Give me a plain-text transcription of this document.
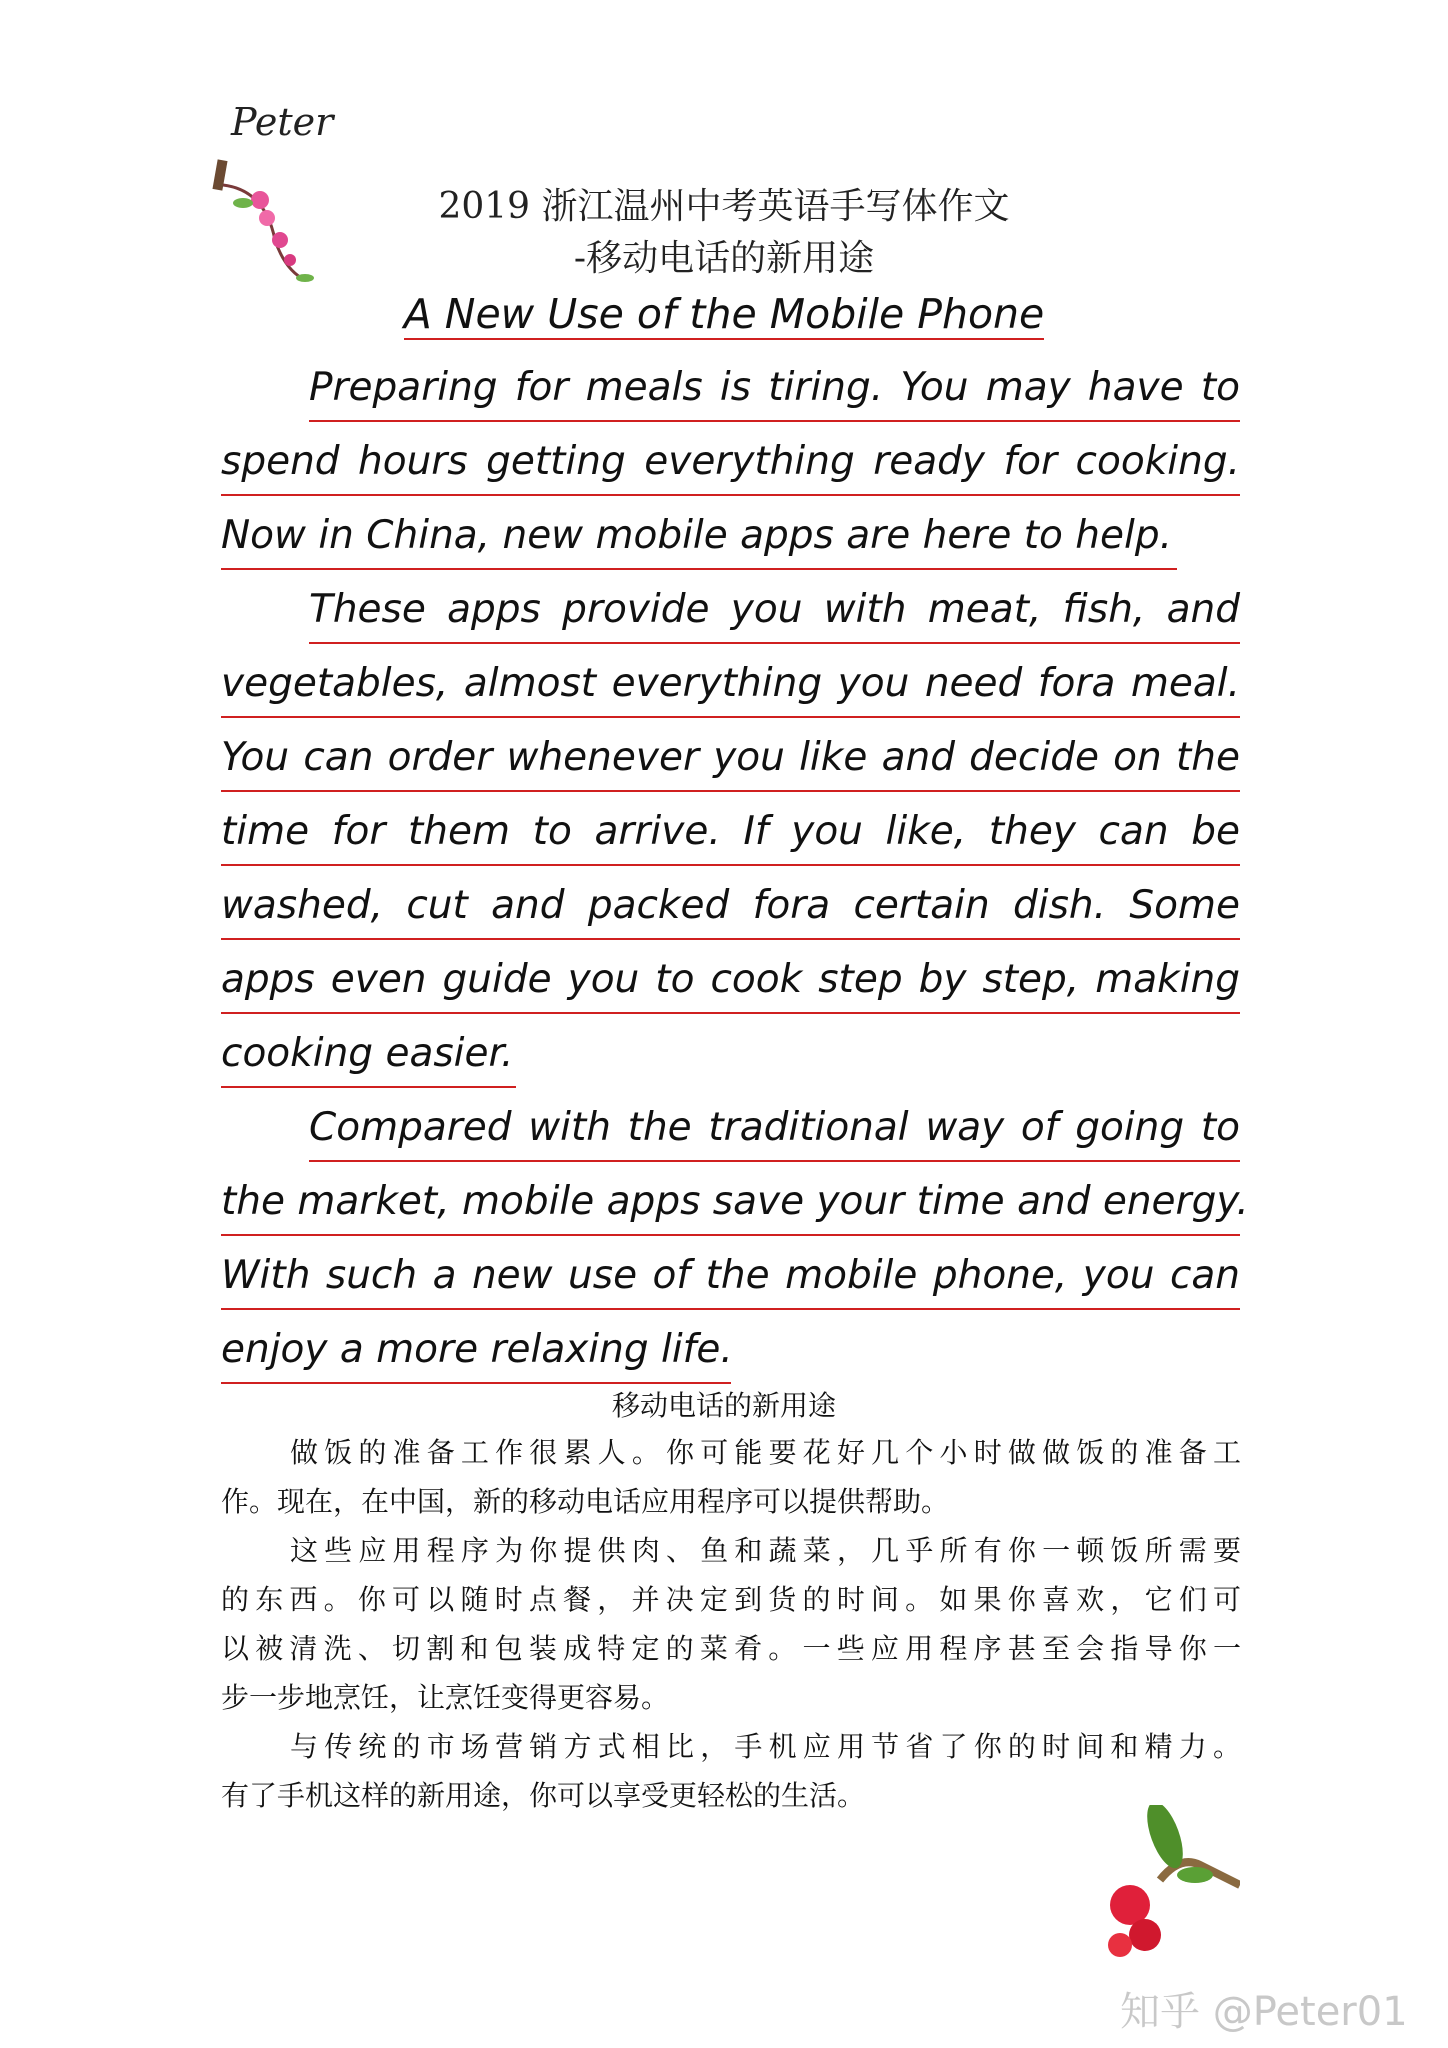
Peter
2019 浙江温州中考英语手写体作文
-移动电话的新用途
A New Use of the Mobile Phone
Preparing for meals is tiring. You may have to
spend hours getting everything ready for cooking.
Now in China, new mobile apps are here to help.
These apps provide you with meat, fish, and
vegetables, almost everything you need fora meal.
You can order whenever you like and decide on the
time for them to arrive. If you like, they can be
washed, cut and packed fora certain dish. Some
apps even guide you to cook step by step, making
cooking easier.
Compared with the traditional way of going to
the market, mobile apps save your time and energy.
With such a new use of the mobile phone, you can
enjoy a more relaxing life.
移动电话的新用途
做饭的准备工作很累人。你可能要花好几个小时做做饭的准备工
作。现在，在中国，新的移动电话应用程序可以提供帮助。
这些应用程序为你提供肉、鱼和蔬菜，几乎所有你一顿饭所需要
的东西。你可以随时点餐，并决定到货的时间。如果你喜欢，它们可
以被清洗、切割和包装成特定的菜肴。一些应用程序甚至会指导你一
步一步地烹饪，让烹饪变得更容易。
与传统的市场营销方式相比，手机应用节省了你的时间和精力。
有了手机这样的新用途，你可以享受更轻松的生活。
知乎 @Peter01
